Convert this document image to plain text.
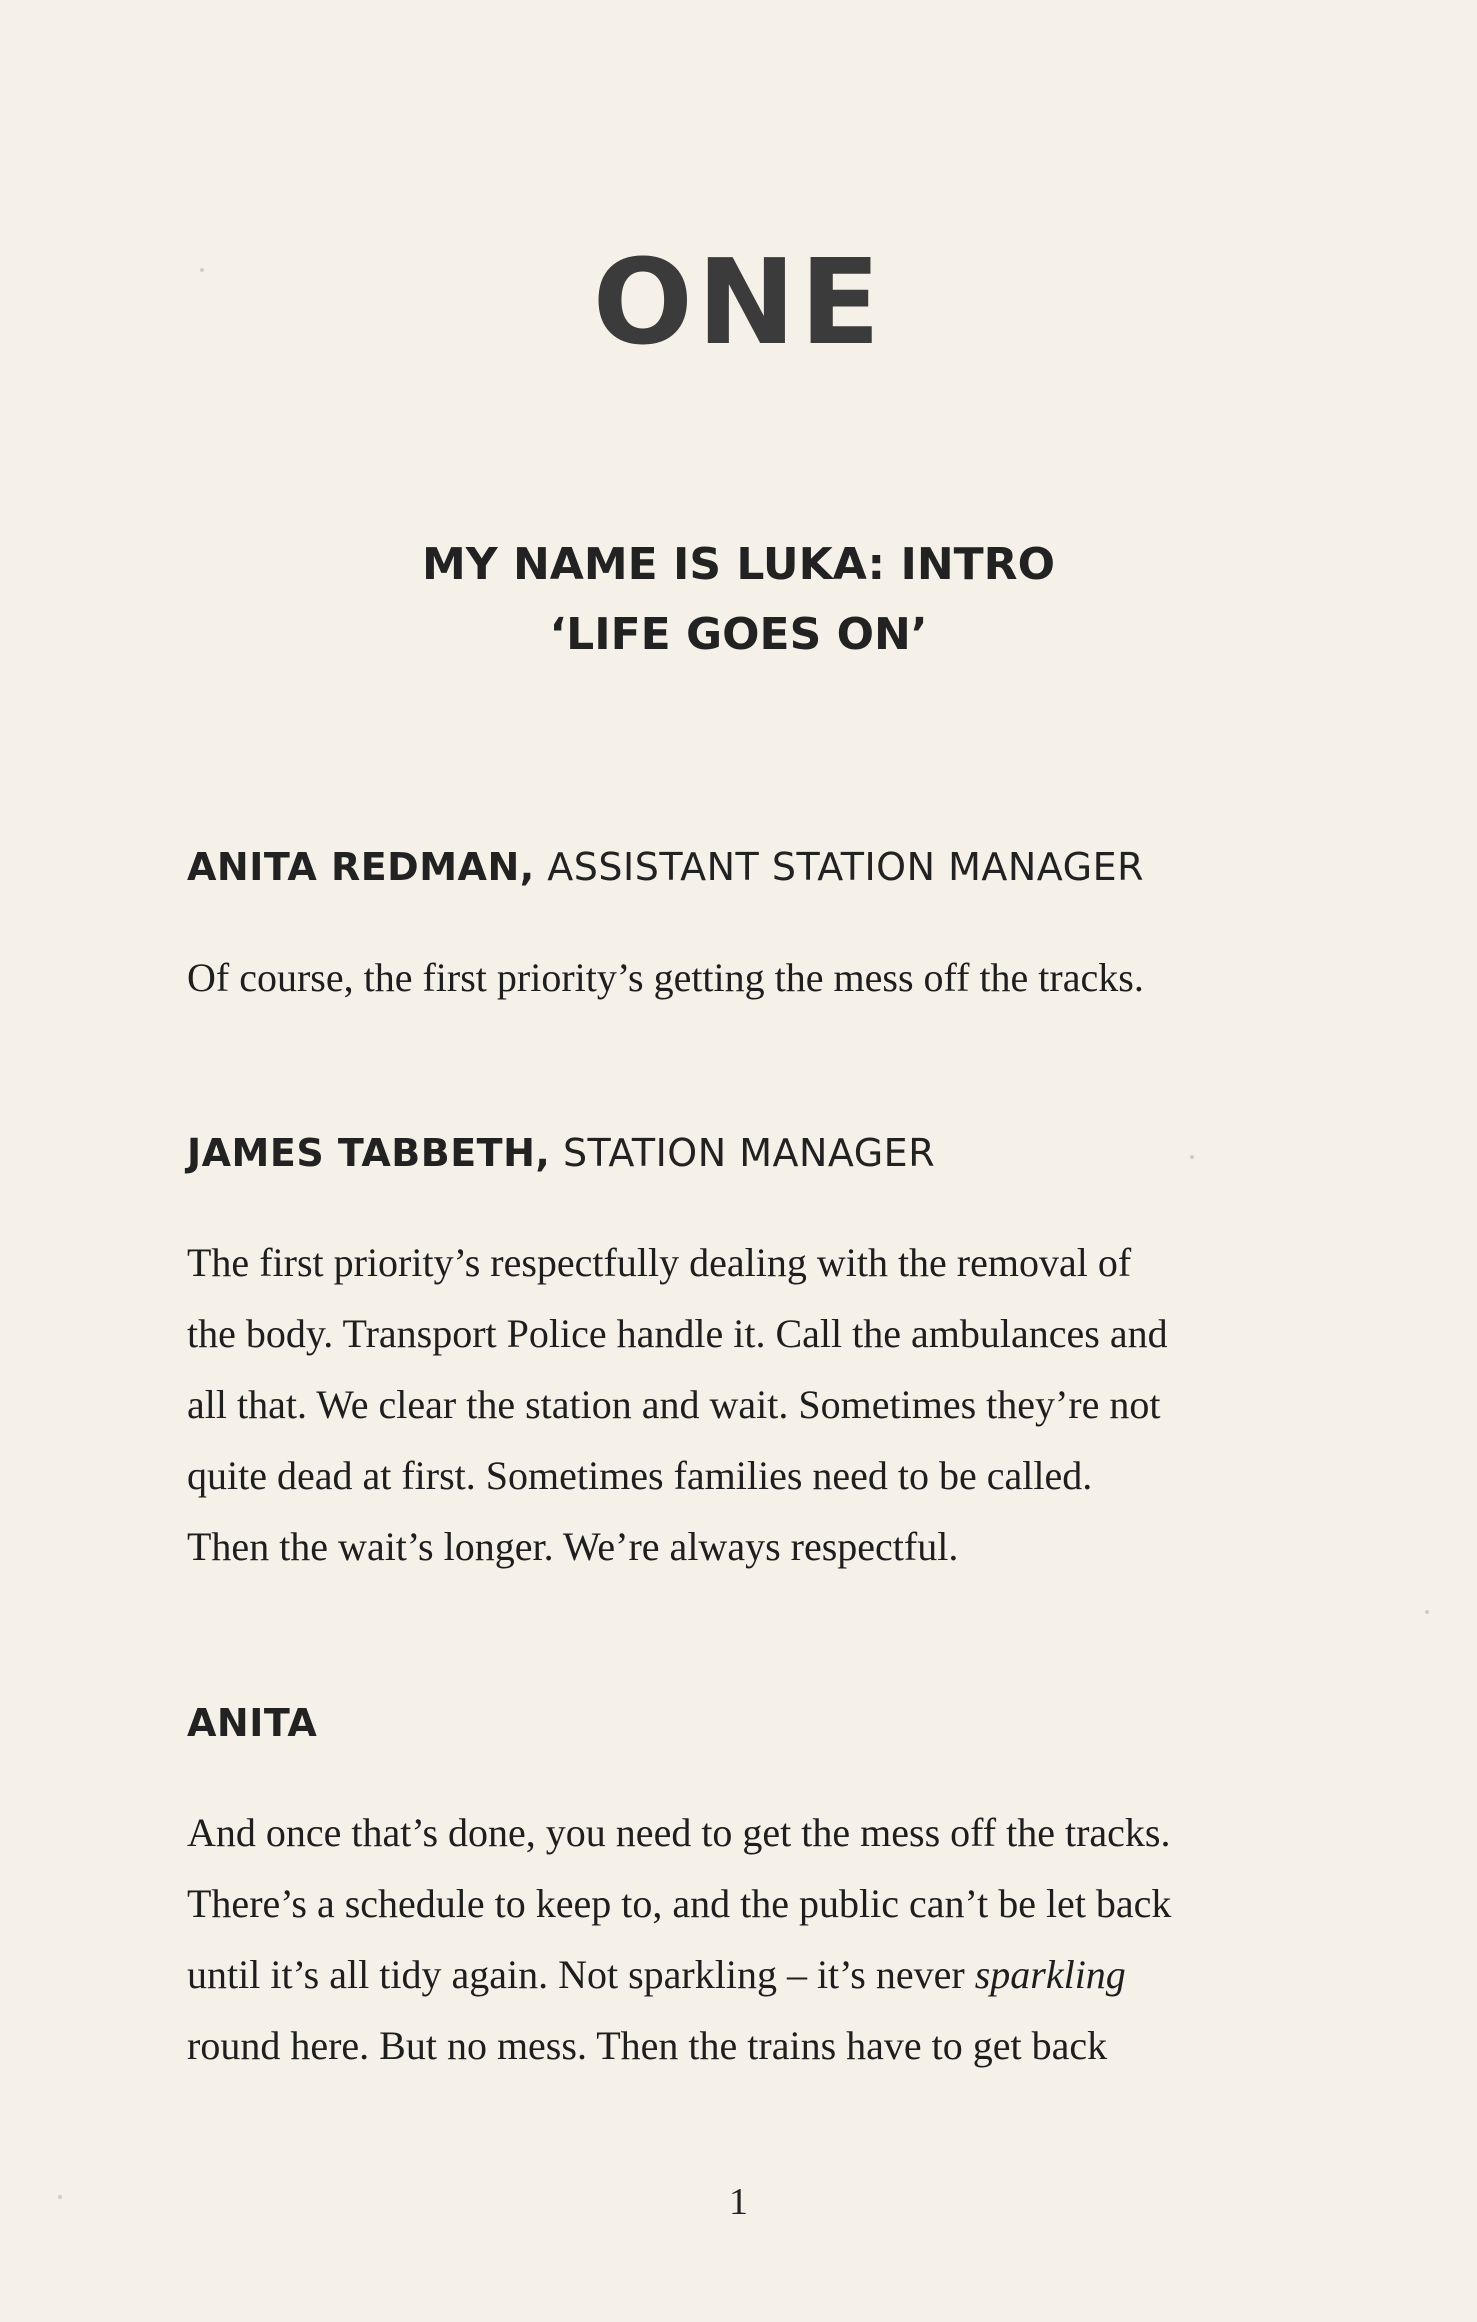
ONE
MY NAME IS LUKA: INTRO
‘LIFE GOES ON’
ANITA REDMAN, ASSISTANT STATION MANAGER

Of course, the first priority’s getting the mess off the tracks.

JAMES TABBETH, STATION MANAGER

The first priority’s respectfully dealing with the removal of

the body. Transport Police handle it. Call the ambulances and

all that. We clear the station and wait. Sometimes they’re not

quite dead at first. Sometimes families need to be called.

Then the wait’s longer. We’re always respectful.

ANITA

And once that’s done, you need to get the mess off the tracks.

There’s a schedule to keep to, and the public can’t be let back

until it’s all tidy again. Not sparkling – it’s never sparkling

round here. But no mess. Then the trains have to get back

1
